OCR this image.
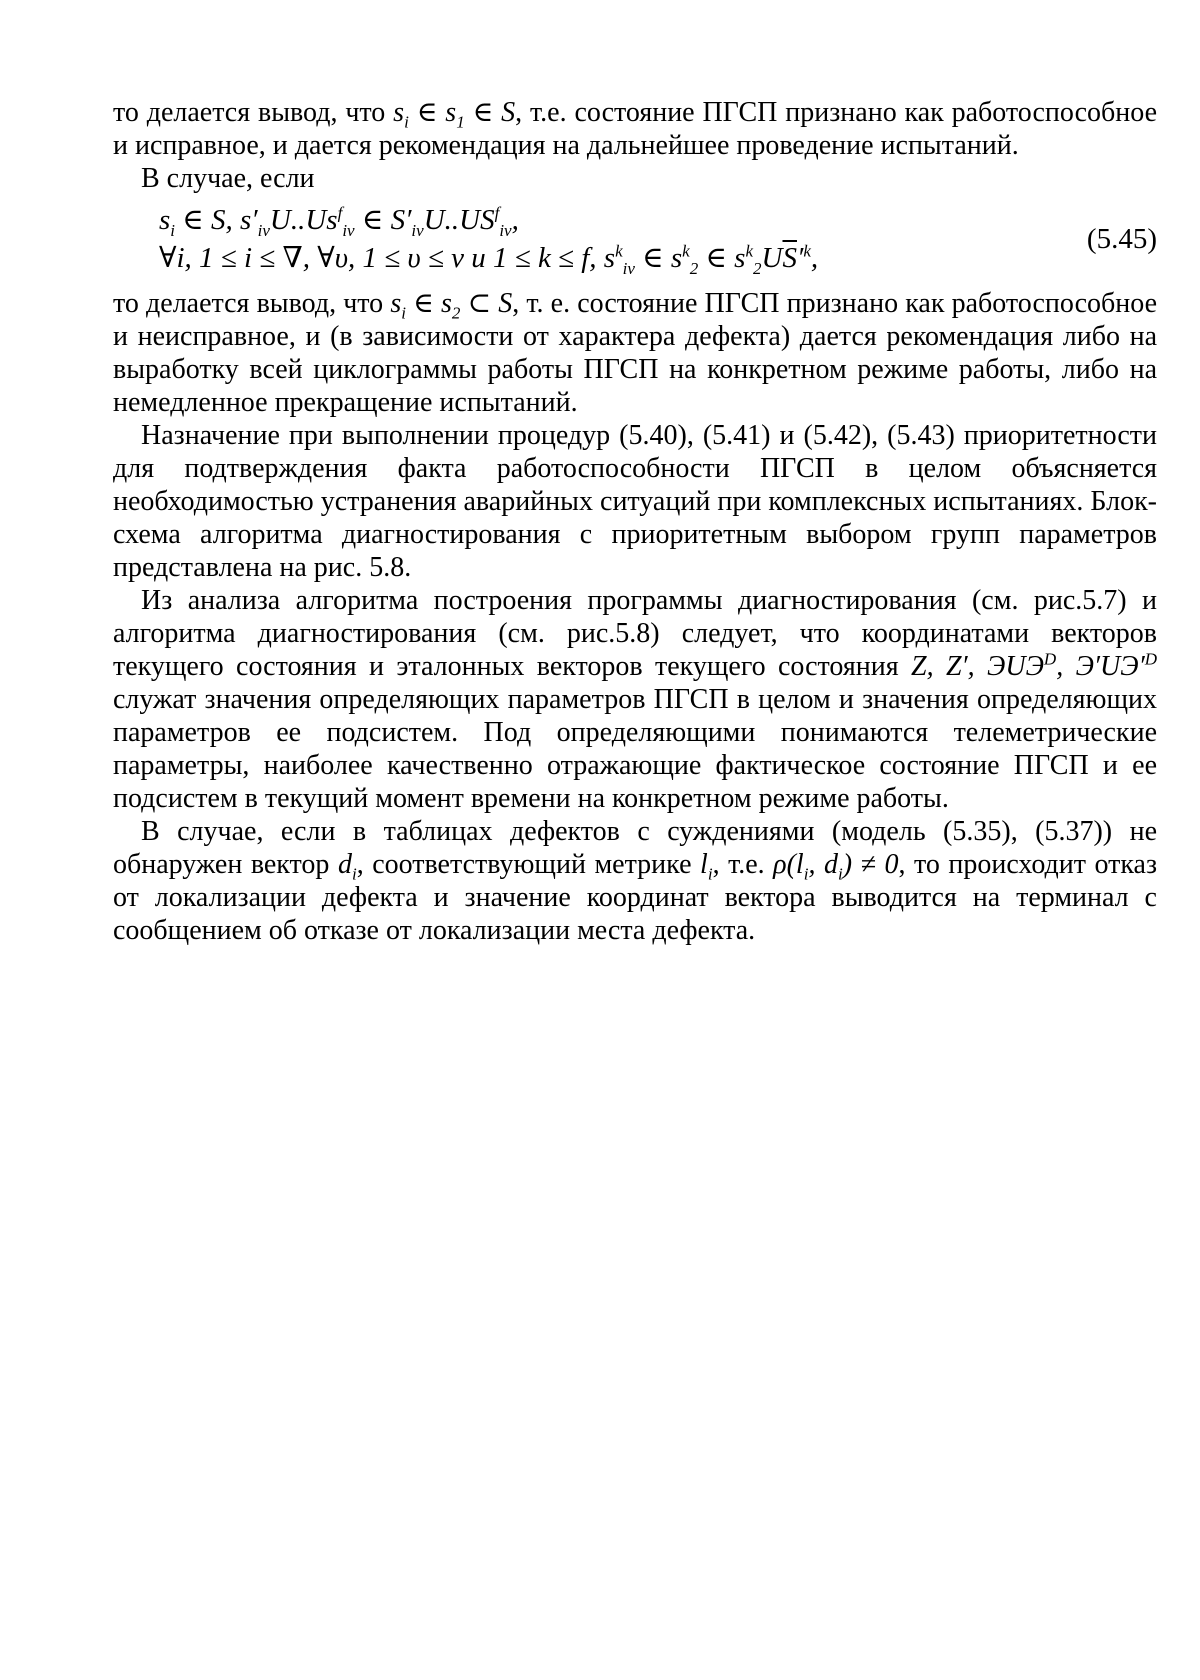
то делается вывод, что $s_i$ ∈ $s_1$ ∈ S, т.е. состояние ПГСП признано как работоспособное и исправное, и дается рекомендация на дальнейшее проведение испытаний.

В случае, если

$s_i$ ∈ S, $s'_{iv}U..Us^f_{iv}$ ∈ $S'_{iv}U..US^f_{iv}$,
∀i, 1 ≤ i ≤ ∇, ∀υ, 1 ≤ υ ≤ ν и 1 ≤ k ≤ f, $s^k_{iv}$ ∈ $s^k_2$ ∈ $s^k_2U\overline{S}'^k$,
(5.45)

то делается вывод, что $s_i$ ∈ $s_2$ ⊂ S, т. е. состояние ПГСП признано как работоспособное и неисправное, и (в зависимости от характера дефекта) дается рекомендация либо на выработку всей циклограммы работы ПГСП на конкретном режиме работы, либо на немедленное прекращение испытаний.

Назначение при выполнении процедур (5.40), (5.41) и (5.42), (5.43) приоритетности для подтверждения факта работоспособности ПГСП в целом объясняется необходимостью устранения аварийных ситуаций при комплексных испытаниях. Блок-схема алгоритма диагностирования с приоритетным выбором групп параметров представлена на рис. 5.8.

Из анализа алгоритма построения программы диагностирования (см. рис.5.7) и алгоритма диагностирования (см. рис.5.8) следует, что координатами векторов текущего состояния и эталонных векторов текущего состояния Z, Z′, $ЭUЭ^D$, $Э'UЭ'^D$ служат значения определяющих параметров ПГСП в целом и значения определяющих параметров ее подсистем. Под определяющими понимаются телеметрические параметры, наиболее качественно отражающие фактическое состояние ПГСП и ее подсистем в текущий момент времени на конкретном режиме работы.

В случае, если в таблицах дефектов с суждениями (модель (5.35), (5.37)) не обнаружен вектор $d_i$, соответствующий метрике $l_i$, т.е. $\rho(l_i$, $d_i) \ne 0$, то происходит отказ от локализации дефекта и значение координат вектора выводится на терминал с сообщением об отказе от локализации места дефекта.
